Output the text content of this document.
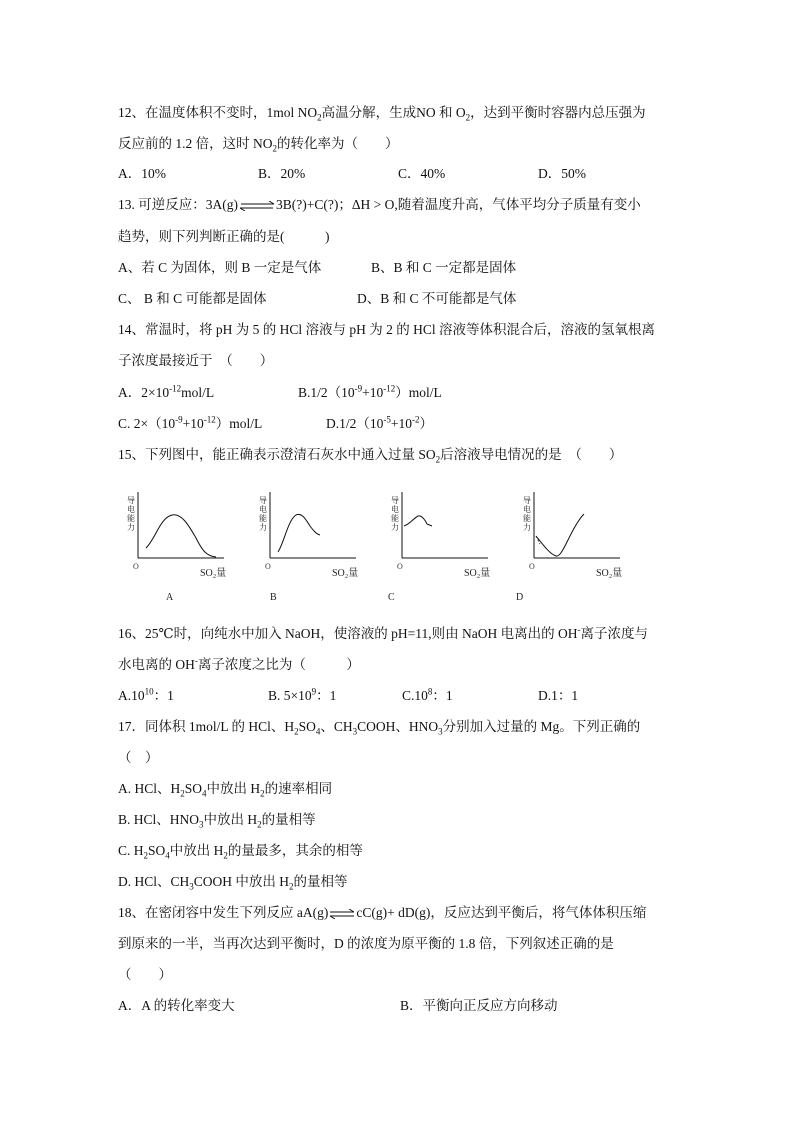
12、在温度体积不变时，1mol $NO_2$高温分解，生成NO 和 $O_2$，达到平衡时容器内总压强为
反应前的 1.2 倍，这时 $NO_2$的转化率为（　　）
A．10%	B．20%	C．40%	D．50%
13. 可逆反应：3A(g)⇌3B(?)+C(?)；ΔH > O,随着温度升高，气体平均分子质量有变小
趋势，则下列判断正确的是(　　　)
A、若 C 为固体，则 B 一定是气体	B、B 和 C 一定都是固体
C、 B 和 C 可能都是固体	D、B 和 C 不可能都是气体
14、常温时，将 pH 为 5 的 HCl 溶液与 pH 为 2 的 HCl 溶液等体积混合后，溶液的氢氧根离
子浓度最接近于　（　　）
A．$2\times 10^{-12}mol/L$	$B.1/2(10^{-9}+10^{-12})mol/L$
C. $2\times(10^{-9}+10^{-12})mol/L$	$D.1/2(10^{-5}+10^{-2})$
15、下列图中，能正确表示澄清石灰水中通入过量 $SO_2$后溶液导电情况的是　（　　）
导
电
能
力
O
SO₂量
A
导
电
能
力
O
SO₂量
B
导
电
能
力
O
SO₂量
C
导
电
能
力
O
SO₂量
D
16、25℃时，向纯水中加入 NaOH，使溶液的 pH=11,则由 NaOH 电离出的 OH-离子浓度与
水电离的 OH-离子浓度之比为（　　　）
$A.10^{10}$：1	B. $5\times 10^9$：1	$C.10^8$：1	D.1：1
17．同体积 1mol/L 的 HCl、$H_2SO_4$、$CH_3COOH$、$HNO_3$分别加入过量的 Mg。下列正确的
（　）
A. HCl、$H_2SO_4$中放出 $H_2$的速率相同
B. HCl、$HNO_3$中放出 $H_2$的量相等
C. $H_2SO_4$中放出 $H_2$的量最多，其余的相等
D. HCl、$CH_3COOH$ 中放出 $H_2$的量相等
18、在密闭容中发生下列反应 aA(g)⇌cC(g)+ dD(g)，反应达到平衡后，将气体体积压缩
到原来的一半，当再次达到平衡时，D 的浓度为原平衡的 1.8 倍，下列叙述正确的是
（　　）
A．A 的转化率变大	B．平衡向正反应方向移动
